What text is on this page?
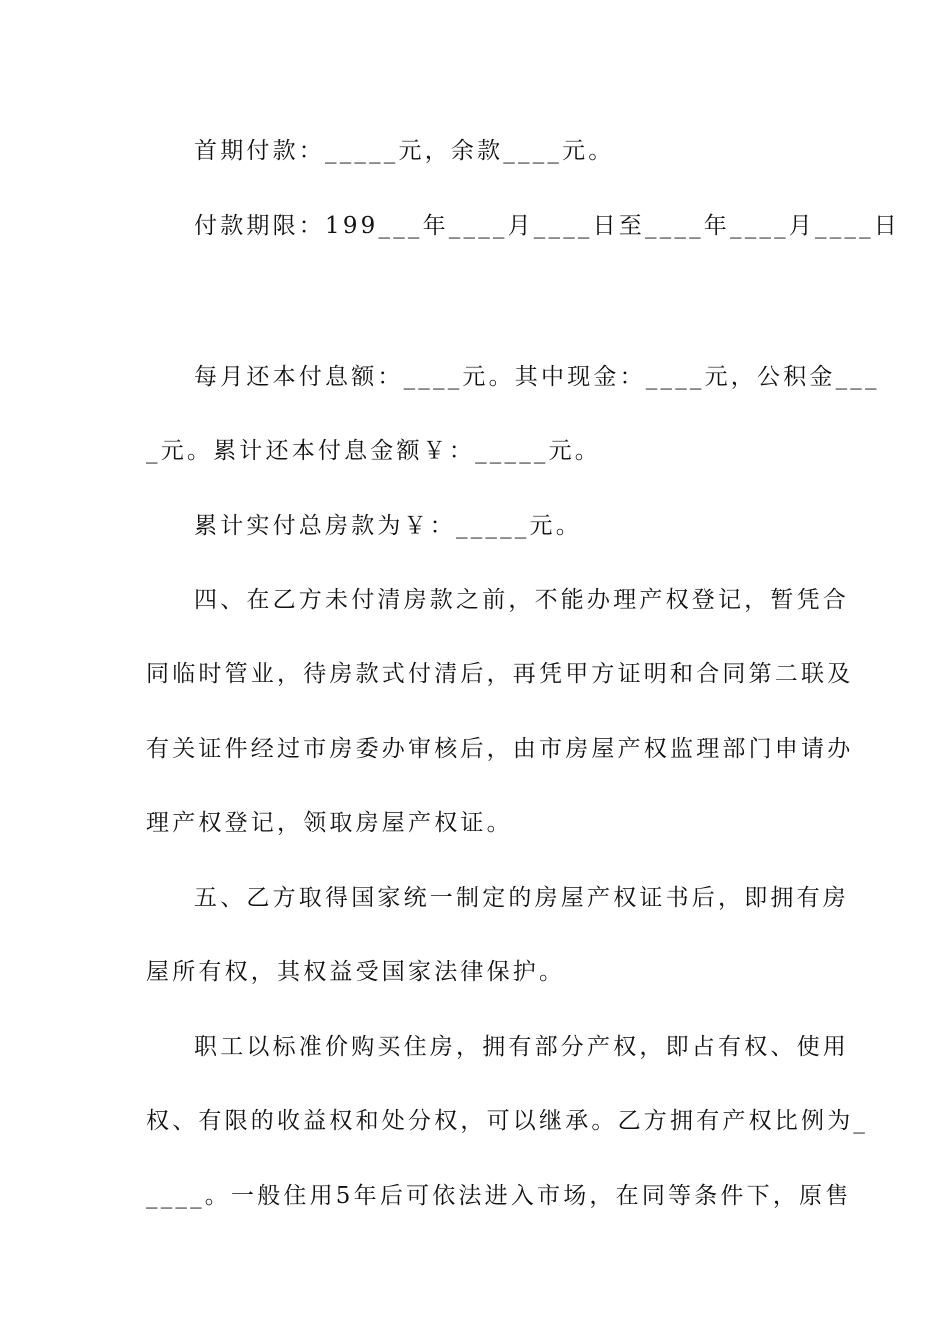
首期付款：_____元，余款____元。
付款期限：199___年____月____日至____年____月____日
每月还本付息额：____元。其中现金：____元，公积金___
_元。累计还本付息金额￥：_____元。
累计实付总房款为￥：_____元。
四、在乙方未付清房款之前，不能办理产权登记，暂凭合
同临时管业，待房款式付清后，再凭甲方证明和合同第二联及
有关证件经过市房委办审核后，由市房屋产权监理部门申请办
理产权登记，领取房屋产权证。
五、乙方取得国家统一制定的房屋产权证书后，即拥有房
屋所有权，其权益受国家法律保护。
职工以标准价购买住房，拥有部分产权，即占有权、使用
权、有限的收益权和处分权，可以继承。乙方拥有产权比例为_
____。一般住用5年后可依法进入市场，在同等条件下，原售
